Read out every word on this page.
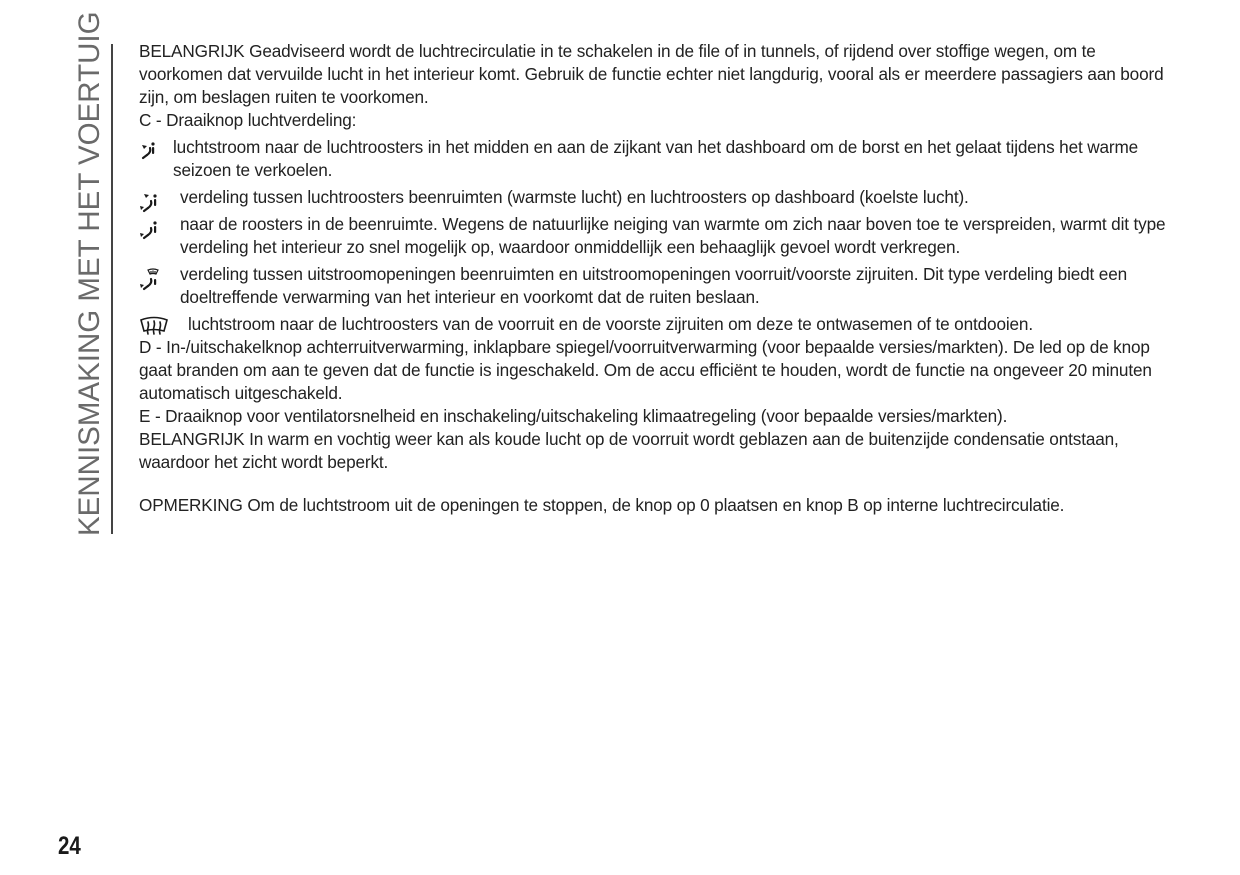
KENNISMAKING MET HET VOERTUIG BELANGRIJK Geadviseerd wordt de luchtrecirculatie in te schakelen in de file of in tunnels, of rijdend over stoffige wegen, om te voorkomen dat vervuilde lucht in het interieur komt. Gebruik de functie echter niet langdurig, vooral als er meerdere passagiers aan boord zijn, om beslagen ruiten te voorkomen.

C - Draaiknop luchtverdeling:

luchtstroom naar de luchtroosters in het midden en aan de zijkant van het dashboard om de borst en het gelaat tijdens het warme seizoen te verkoelen.
verdeling tussen luchtroosters beenruimten (warmste lucht) en luchtroosters op dashboard (koelste lucht).
naar de roosters in de beenruimte. Wegens de natuurlijke neiging van warmte om zich naar boven toe te verspreiden, warmt dit type verdeling het interieur zo snel mogelijk op, waardoor onmiddellijk een behaaglijk gevoel wordt verkregen.
verdeling tussen uitstroomopeningen beenruimten en uitstroomopeningen voorruit/voorste zijruiten. Dit type verdeling biedt een doeltreffende verwarming van het interieur en voorkomt dat de ruiten beslaan.
luchtstroom naar de luchtroosters van de voorruit en de voorste zijruiten om deze te ontwasemen of te ontdooien.

D - In-/uitschakelknop achterruitverwarming, inklapbare spiegel/voorruitverwarming (voor bepaalde versies/markten). De led op de knop gaat branden om aan te geven dat de functie is ingeschakeld. Om de accu efficiënt te houden, wordt de functie na ongeveer 20 minuten automatisch uitgeschakeld.

E - Draaiknop voor ventilatorsnelheid en inschakeling/uitschakeling klimaatregeling (voor bepaalde versies/markten).

BELANGRIJK In warm en vochtig weer kan als koude lucht op de voorruit wordt geblazen aan de buitenzijde condensatie ontstaan, waardoor het zicht wordt beperkt.

OPMERKING Om de luchtstroom uit de openingen te stoppen, de knop op 0 plaatsen en knop B op interne luchtrecirculatie.

24
